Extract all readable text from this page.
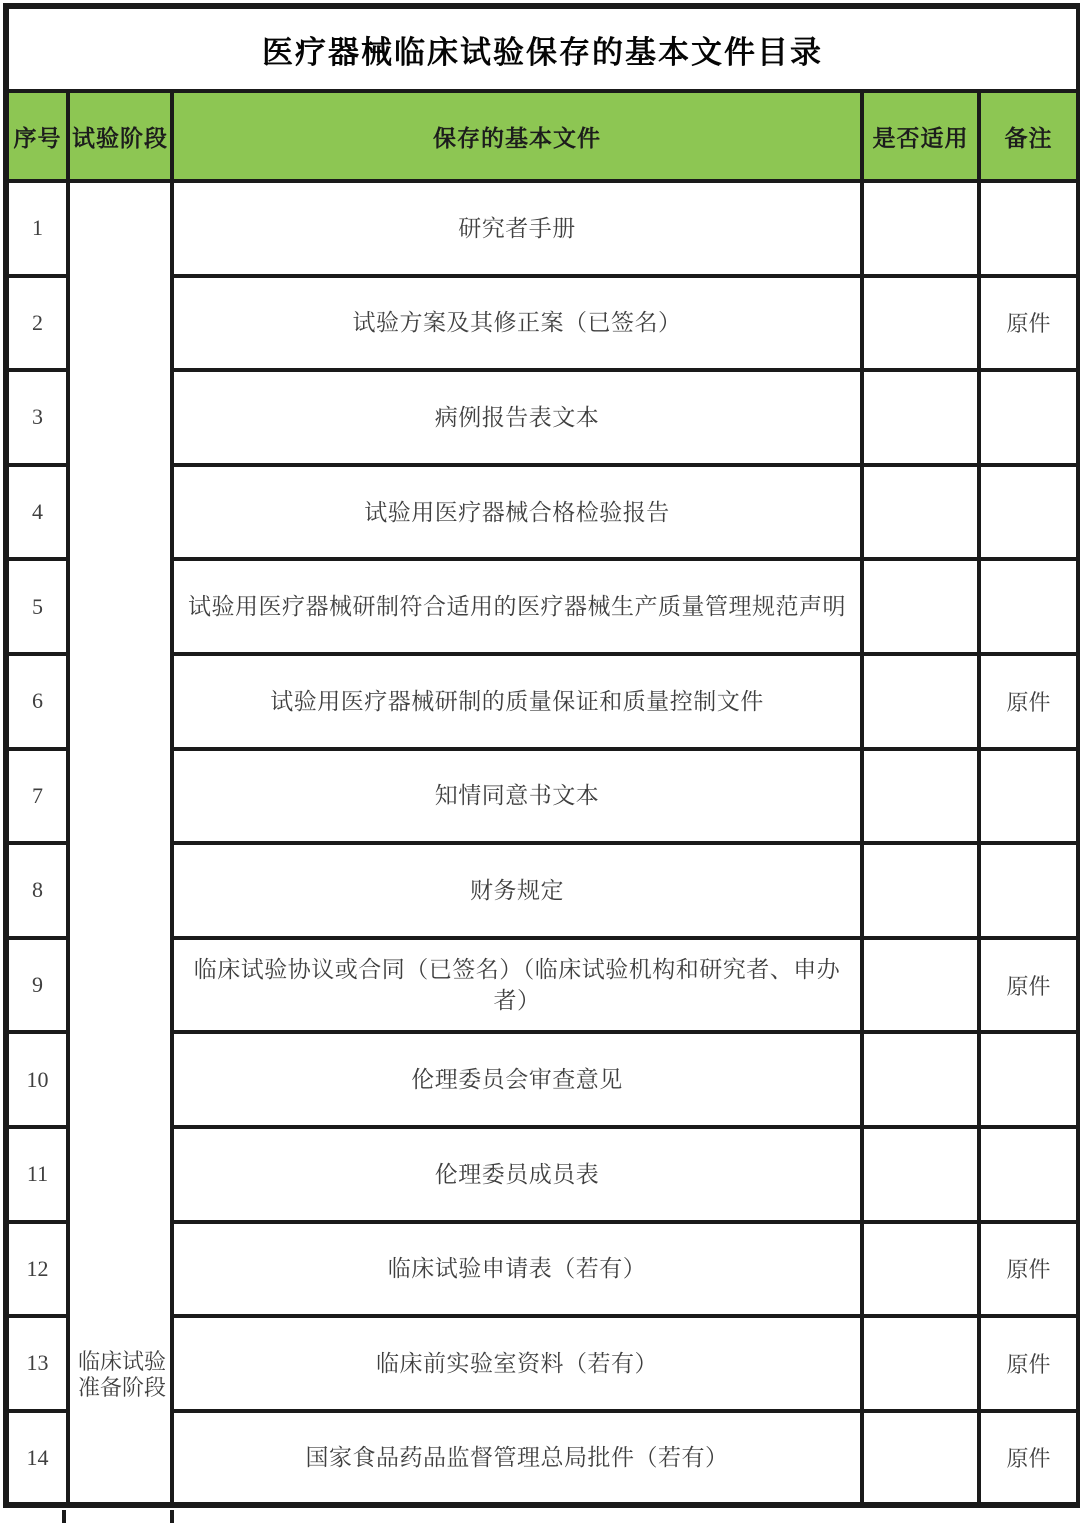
医疗器械临床试验保存的基本文件目录				
序号	试验阶段	保存的基本文件	是否适用	备注
1	临床试验准备阶段	研究者手册		

2		试验方案及其修正案（已签名）		原件
3		病例报告表文本		

4		试验用医疗器械合格检验报告		

5		试验用医疗器械研制符合适用的医疗器械生产质量管理规范声明		

6		试验用医疗器械研制的质量保证和质量控制文件		原件
7		知情同意书文本		

8		财务规定		

9		临床试验协议或合同（已签名）（临床试验机构和研究者、申办者）		原件
10		伦理委员会审查意见		

11		伦理委员成员表		

12		临床试验申请表（若有）		原件
13		临床前实验室资料（若有）		原件
14		国家食品药品监督管理总局批件（若有）		原件
